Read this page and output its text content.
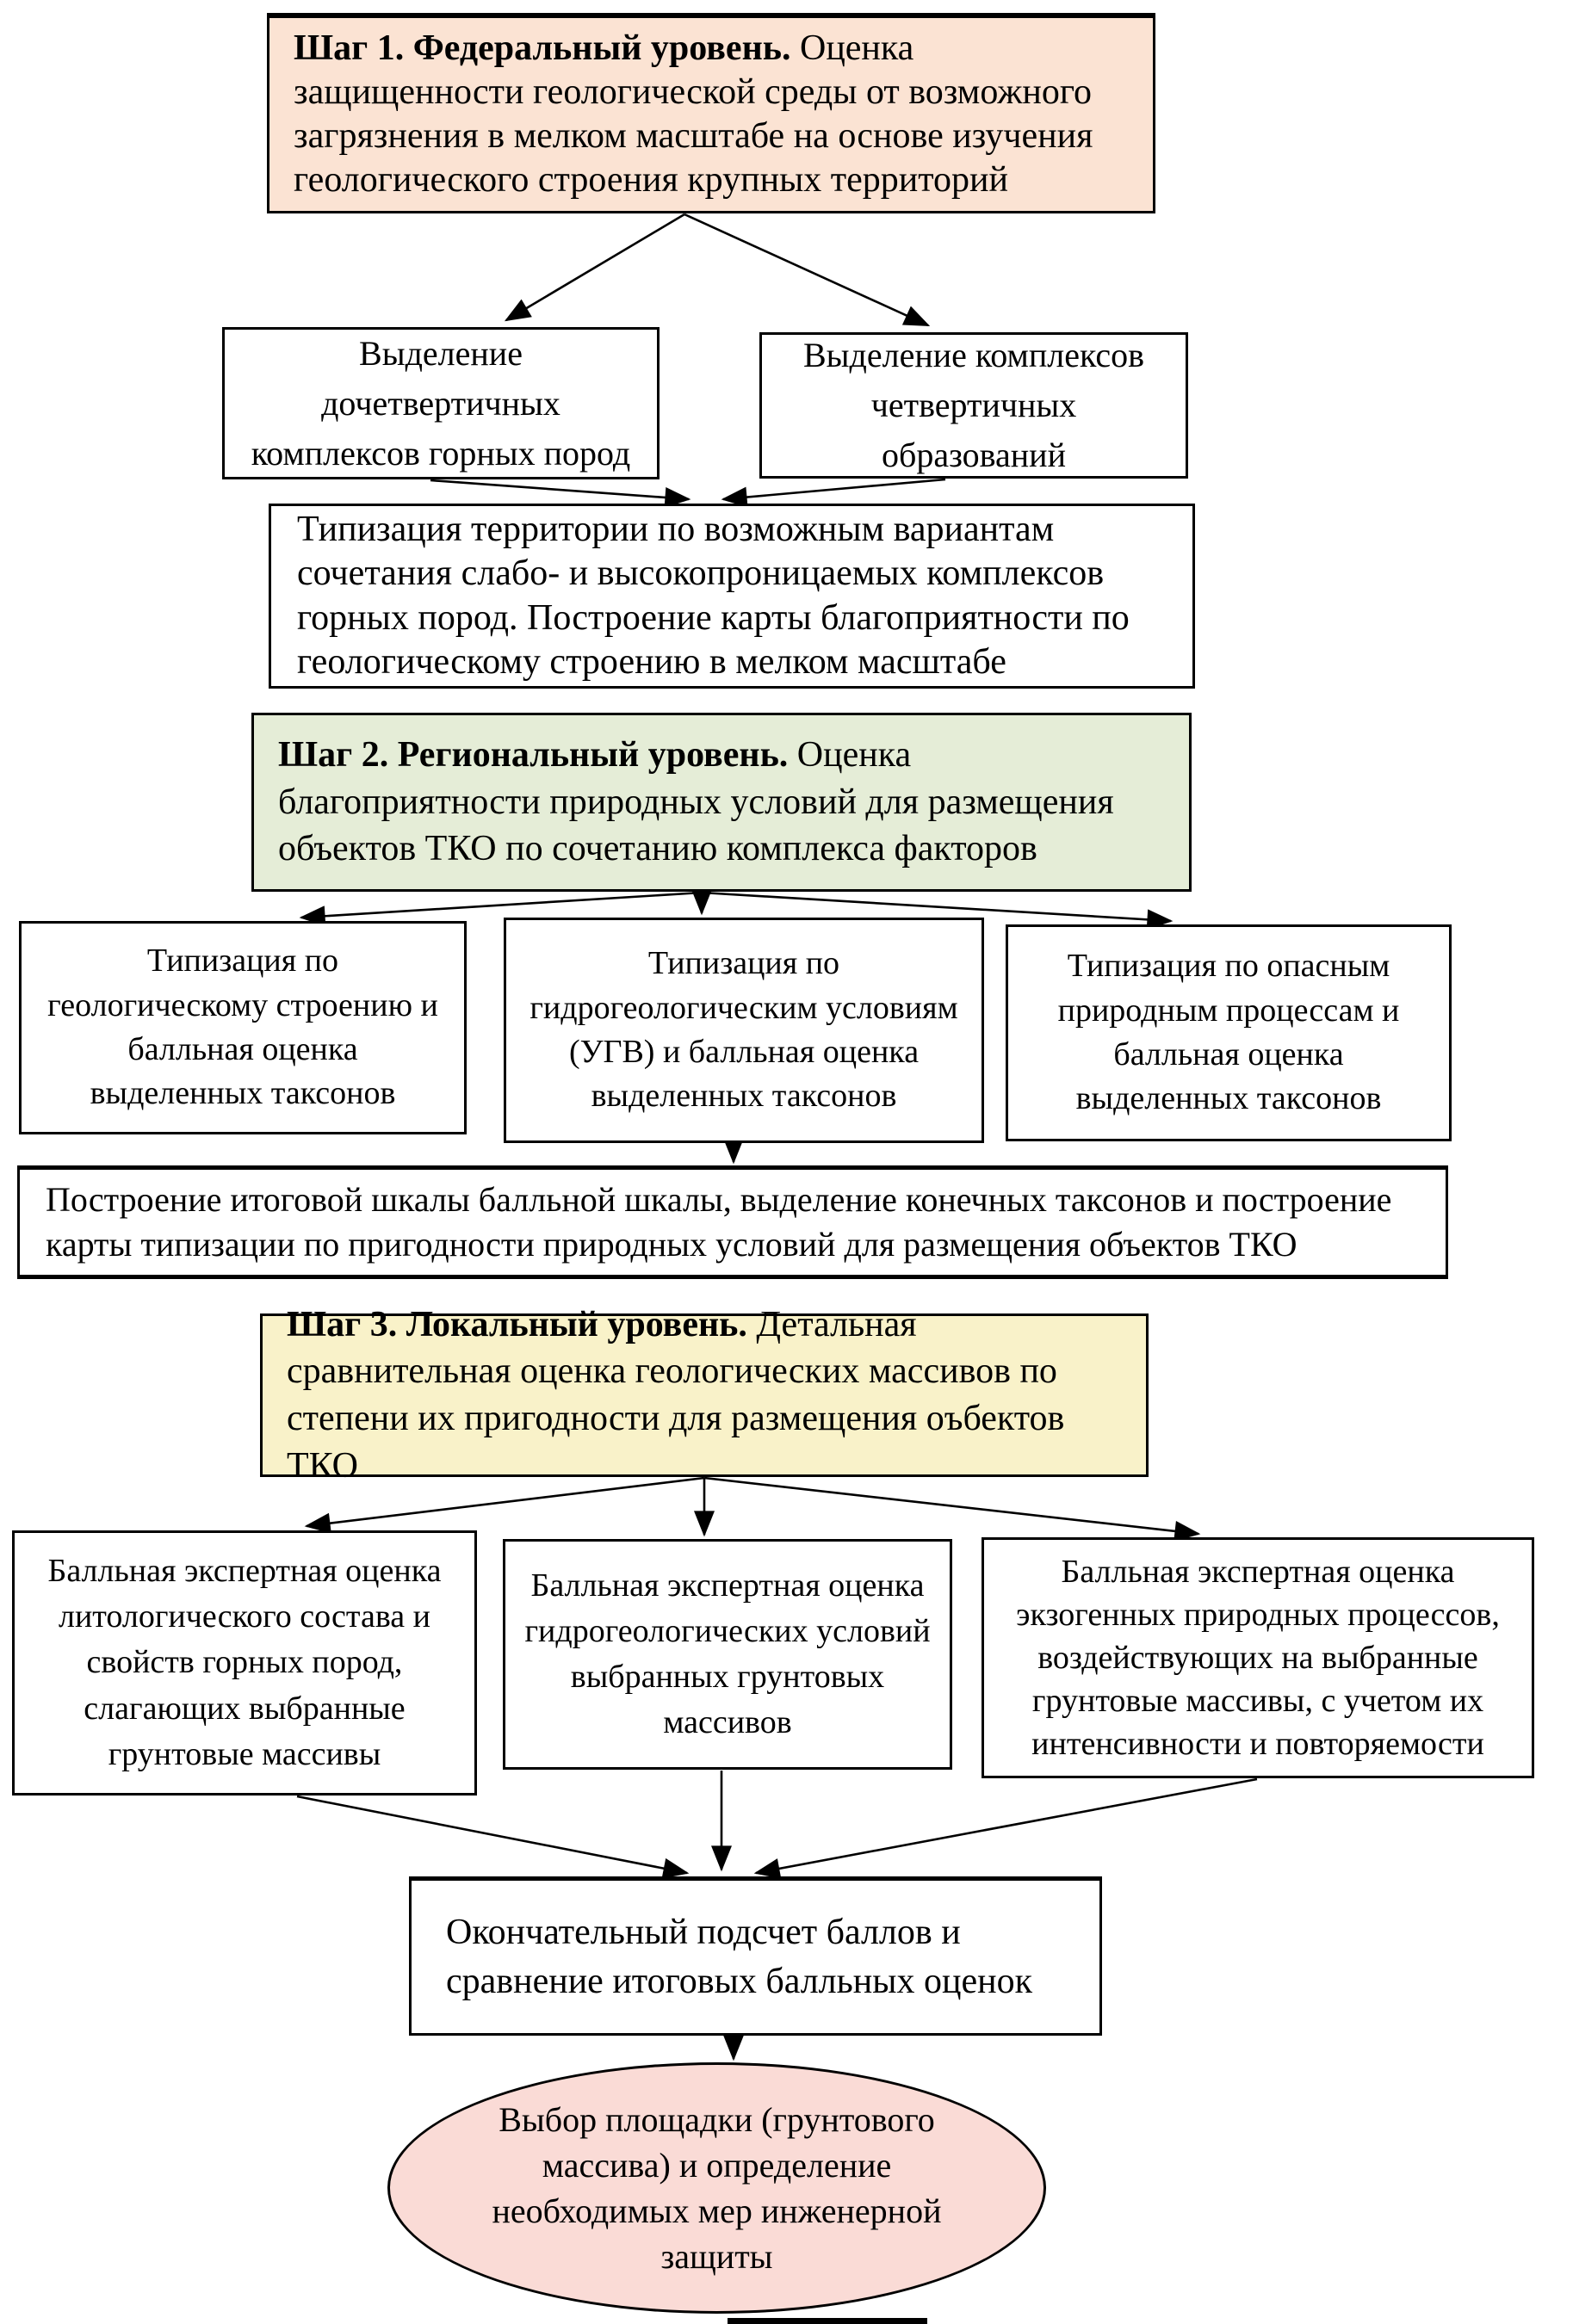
Шаг 1. Федеральный уровень. Оценка защищенности геологической среды от возможного загрязнения в мелком масштабе на основе изучения геологического строения крупных территорий
Выделение дочетвертичных комплексов горных пород
Выделение комплексов четвертичных образований
Типизация территории по возможным вариантам сочетания слабо- и высокопроницаемых комплексов горных пород. Построение карты благоприятности по геологическому строению в мелком масштабе
Шаг 2. Региональный уровень. Оценка благоприятности природных условий для размещения объектов ТКО по сочетанию комплекса факторов
Типизация по геологическому строению и балльная оценка выделенных таксонов
Типизация по гидрогеологическим условиям (УГВ) и балльная оценка выделенных таксонов
Типизация по опасным природным процессам и балльная оценка выделенных таксонов
Построение итоговой шкалы балльной шкалы, выделение конечных таксонов и построение карты типизации по пригодности природных условий для размещения объектов ТКО
Шаг 3. Локальный уровень. Детальная сравнительная оценка геологических массивов по степени их пригодности для размещения оъбектов ТКО
Балльная экспертная оценка литологического состава и свойств горных пород, слагающих выбранные грунтовые массивы
Балльная экспертная оценка гидрогеологических условий выбранных грунтовых массивов
Балльная экспертная оценка экзогенных природных процессов, воздействующих на выбранные грунтовые массивы, с учетом их интенсивности и повторяемости
Окончательный подсчет баллов и сравнение итоговых балльных оценок
Выбор площадки (грунтового массива) и определение необходимых мер инженерной защиты
